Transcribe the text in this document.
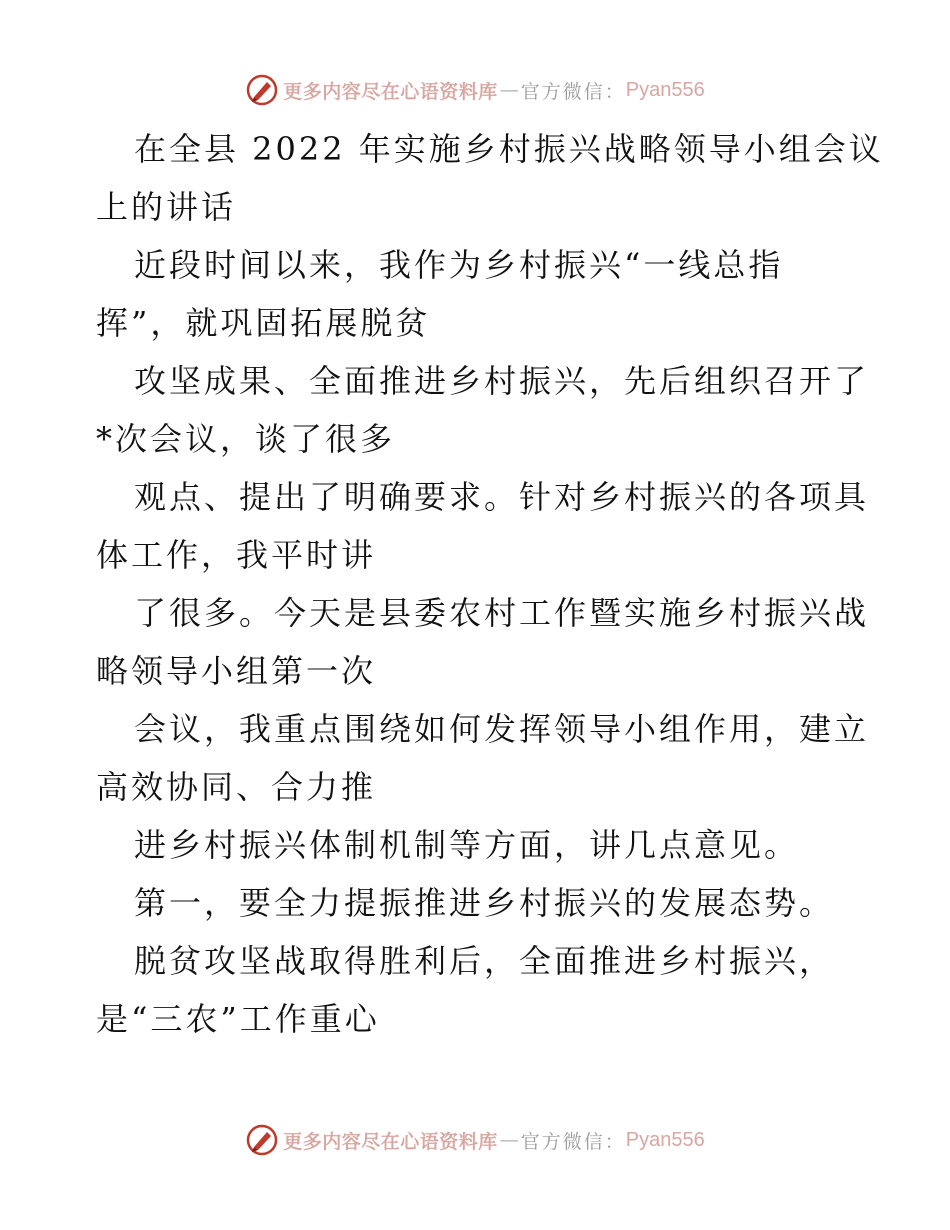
更多内容尽在心语资料库 — 官方微信： Pyan556
在全县 2022 年实施乡村振兴战略领导小组会议
上的讲话
近段时间以来，我作为乡村振兴“一线总指
挥”，就巩固拓展脱贫
攻坚成果、全面推进乡村振兴，先后组织召开了
*次会议，谈了很多
观点、提出了明确要求。针对乡村振兴的各项具
体工作，我平时讲
了很多。今天是县委农村工作暨实施乡村振兴战
略领导小组第一次
会议，我重点围绕如何发挥领导小组作用，建立
高效协同、合力推
进乡村振兴体制机制等方面，讲几点意见。
第一，要全力提振推进乡村振兴的发展态势。
脱贫攻坚战取得胜利后，全面推进乡村振兴，
是“三农”工作重心
更多内容尽在心语资料库 — 官方微信： Pyan556
